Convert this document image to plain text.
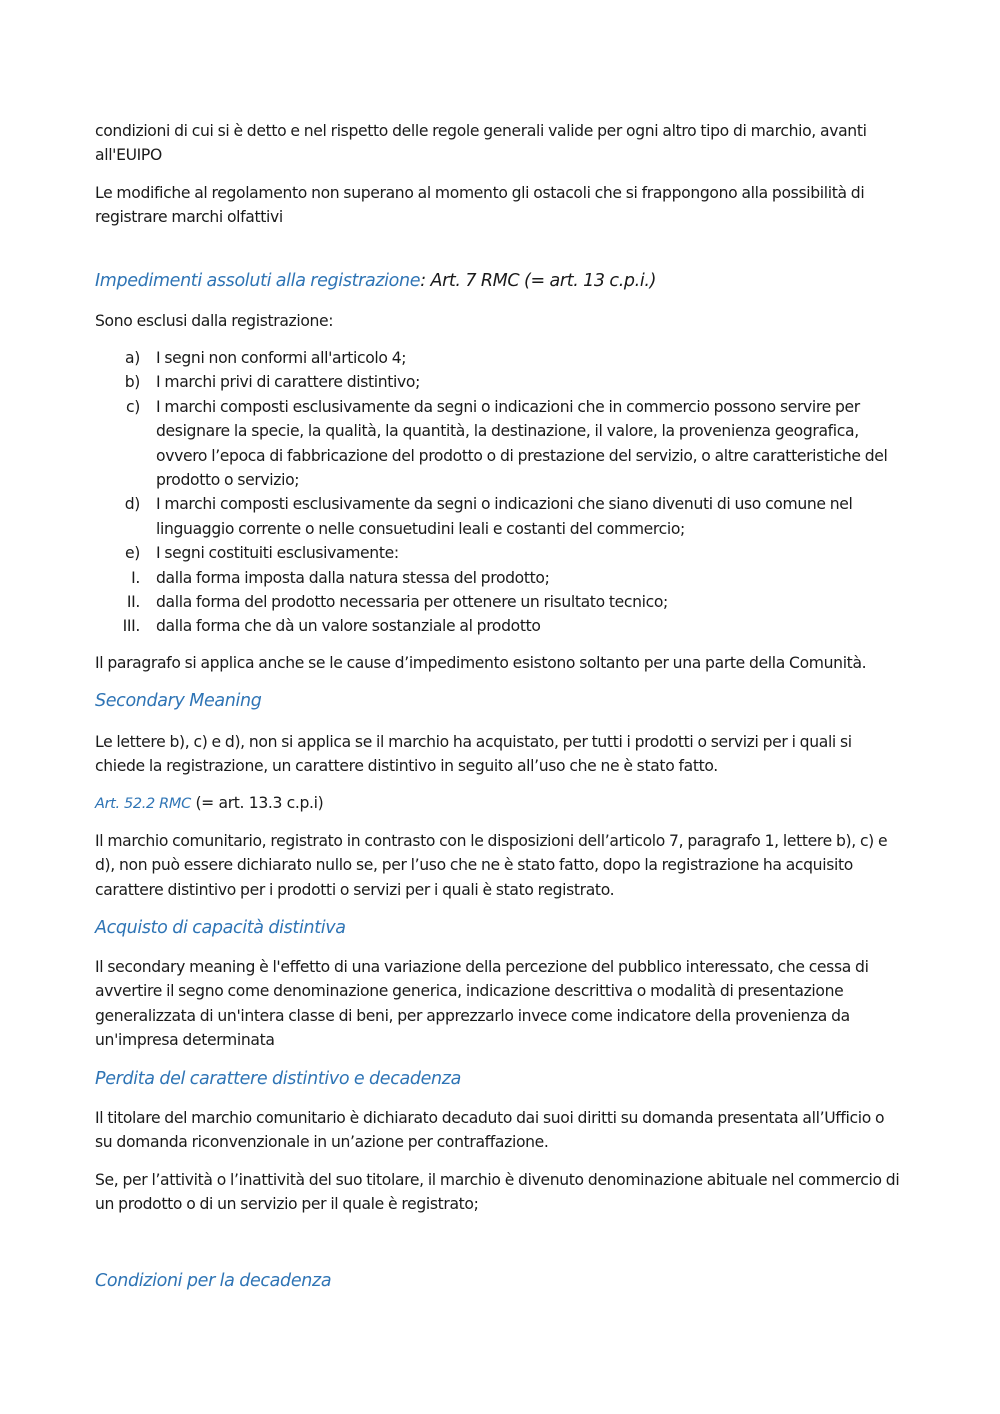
condizioni di cui si è detto e nel rispetto delle regole generali valide per ogni altro tipo di marchio, avanti all'EUIPO

Le modifiche al regolamento non superano al momento gli ostacoli che si frappongono alla possibilità di registrare marchi olfattivi

Impedimenti assoluti alla registrazione: Art. 7 RMC (= art. 13 c.p.i.)

Sono esclusi dalla registrazione:

a) I segni non conformi all'articolo 4;
b) I marchi privi di carattere distintivo;
c) I marchi composti esclusivamente da segni o indicazioni che in commercio possono servire per designare la specie, la qualità, la quantità, la destinazione, il valore, la provenienza geografica, ovvero l’epoca di fabbricazione del prodotto o di prestazione del servizio, o altre caratteristiche del prodotto o servizio;
d) I marchi composti esclusivamente da segni o indicazioni che siano divenuti di uso comune nel linguaggio corrente o nelle consuetudini leali e costanti del commercio;
e) I segni costituiti esclusivamente:
I. dalla forma imposta dalla natura stessa del prodotto;
II. dalla forma del prodotto necessaria per ottenere un risultato tecnico;
III. dalla forma che dà un valore sostanziale al prodotto

Il paragrafo si applica anche se le cause d’impedimento esistono soltanto per una parte della Comunità.

Secondary Meaning

Le lettere b), c) e d), non si applica se il marchio ha acquistato, per tutti i prodotti o servizi per i quali si chiede la registrazione, un carattere distintivo in seguito all’uso che ne è stato fatto.

Art. 52.2 RMC (= art. 13.3 c.p.i)

Il marchio comunitario, registrato in contrasto con le disposizioni dell’articolo 7, paragrafo 1, lettere b), c) e d), non può essere dichiarato nullo se, per l’uso che ne è stato fatto, dopo la registrazione ha acquisito carattere distintivo per i prodotti o servizi per i quali è stato registrato.

Acquisto di capacità distintiva

Il secondary meaning è l'effetto di una variazione della percezione del pubblico interessato, che cessa di avvertire il segno come denominazione generica, indicazione descrittiva o modalità di presentazione generalizzata di un'intera classe di beni, per apprezzarlo invece come indicatore della provenienza da un'impresa determinata

Perdita del carattere distintivo e decadenza

Il titolare del marchio comunitario è dichiarato decaduto dai suoi diritti su domanda presentata all’Ufficio o su domanda riconvenzionale in un’azione per contraffazione.

Se, per l’attività o l’inattività del suo titolare, il marchio è divenuto denominazione abituale nel commercio di un prodotto o di un servizio per il quale è registrato;

Condizioni per la decadenza
